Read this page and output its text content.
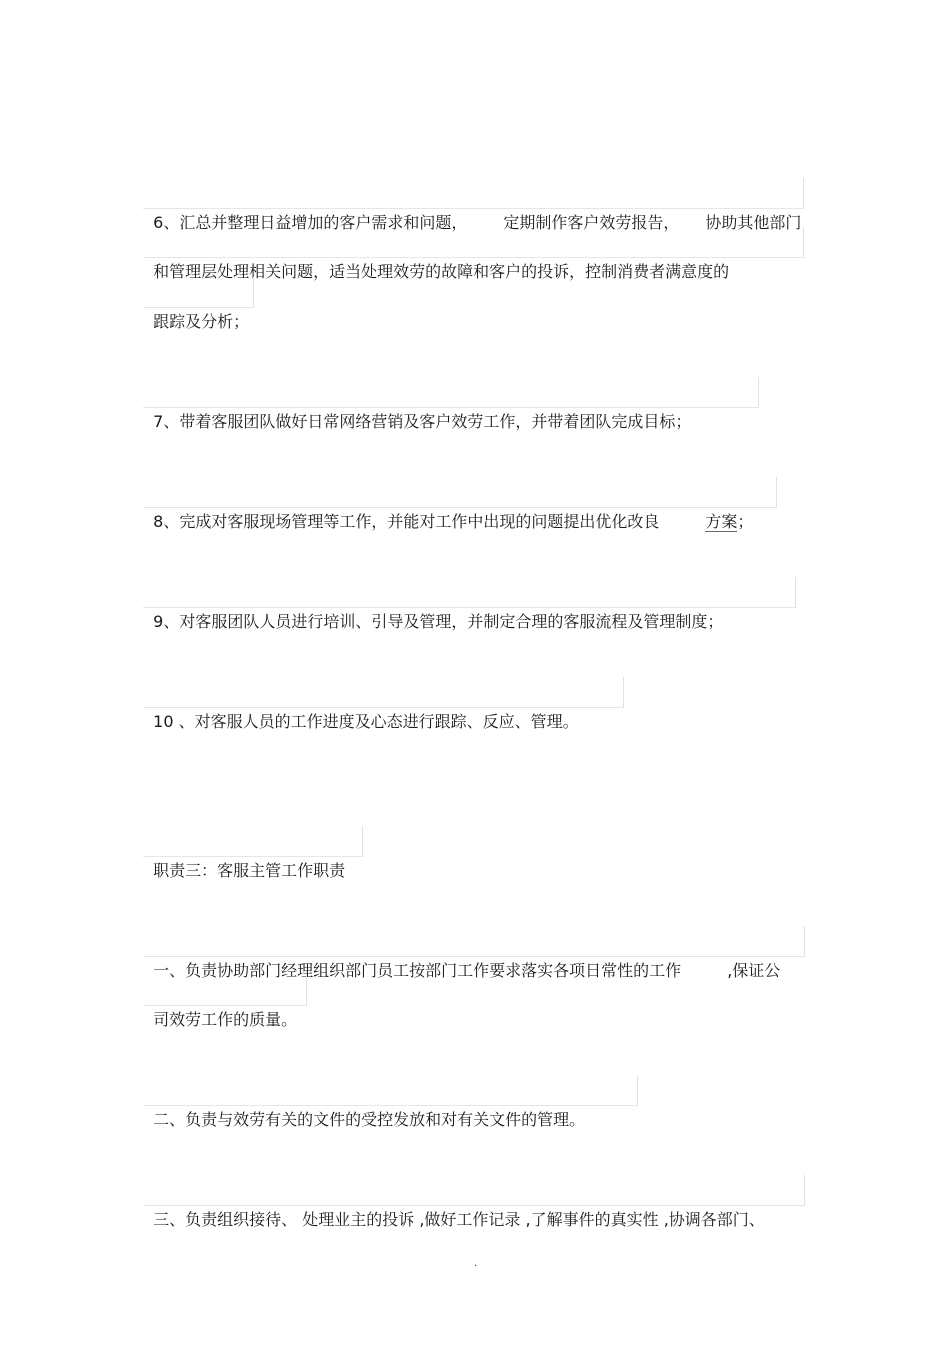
6、汇总并整理日益增加的客户需求和问题， 定期制作客户效劳报告， 协助其他部门

和管理层处理相关问题，适当处理效劳的故障和客户的投诉，控制消费者满意度的

跟踪及分析；

7、带着客服团队做好日常网络营销及客户效劳工作，并带着团队完成目标；

8、完成对客服现场管理等工作，并能对工作中出现的问题提出优化改良	方案；

9、对客服团队人员进行培训、引导及管理，并制定合理的客服流程及管理制度；

10 、对客服人员的工作进度及心态进行跟踪、反应、管理。

职责三：客服主管工作职责

一、负责协助部门经理组织部门员工按部门工作要求落实各项日常性的工作	,保证公

司效劳工作的质量。

二、负责与效劳有关的文件的受控发放和对有关文件的管理。

三、负责组织接待、 处理业主的投诉 ,做好工作记录 ,了解事件的真实性 ,协调各部门、

.
